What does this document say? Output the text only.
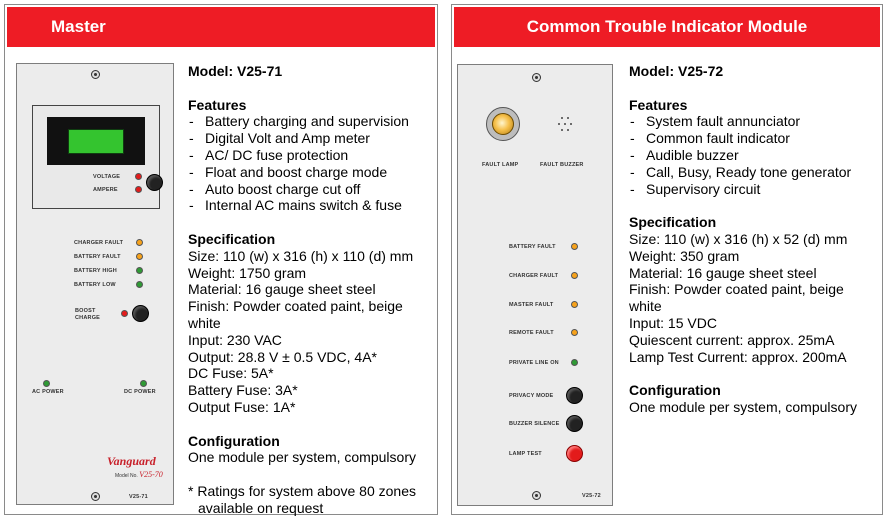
Master
VOLTAGE
AMPERE
CHARGER FAULT
BATTERY FAULT
BATTERY HIGH
BATTERY LOW
BOOST
CHARGE
AC POWER	DC POWER
Vanguard
Model No. V25-70
V25-71
Model: V25-71
Features
- Battery charging and supervision
- Digital Volt and Amp meter
- AC/ DC fuse protection
- Float and boost charge mode
- Auto boost charge cut off
- Internal AC mains switch & fuse
Specification

Size: 110 (w) x 316 (h) x 110 (d) mm

Weight: 1750 gram

Material: 16 gauge sheet steel

Finish: Powder coated paint, beige white

Input: 230 VAC

Output: 28.8 V ± 0.5 VDC, 4A*

DC Fuse: 5A*

Battery Fuse: 3A*

Output Fuse: 1A*

Configuration

One module per system, compulsory

* Ratings for system above 80 zones available on request

Common Trouble Indicator Module
FAULT LAMP	FAULT BUZZER
BATTERY FAULT
CHARGER FAULT
MASTER FAULT
REMOTE FAULT
PRIVATE LINE ON
PRIVACY MODE
BUZZER SILENCE
LAMP TEST
V25-72
Model: V25-72
Features
- System fault annunciator
- Common fault indicator
- Audible buzzer
- Call, Busy, Ready tone generator
- Supervisory circuit
Specification

Size: 110 (w) x 316 (h) x 52 (d) mm

Weight: 350 gram

Material: 16 gauge sheet steel

Finish: Powder coated paint, beige white

Input: 15 VDC

Quiescent current: approx. 25mA

Lamp Test Current: approx. 200mA

Configuration

One module per system, compulsory
